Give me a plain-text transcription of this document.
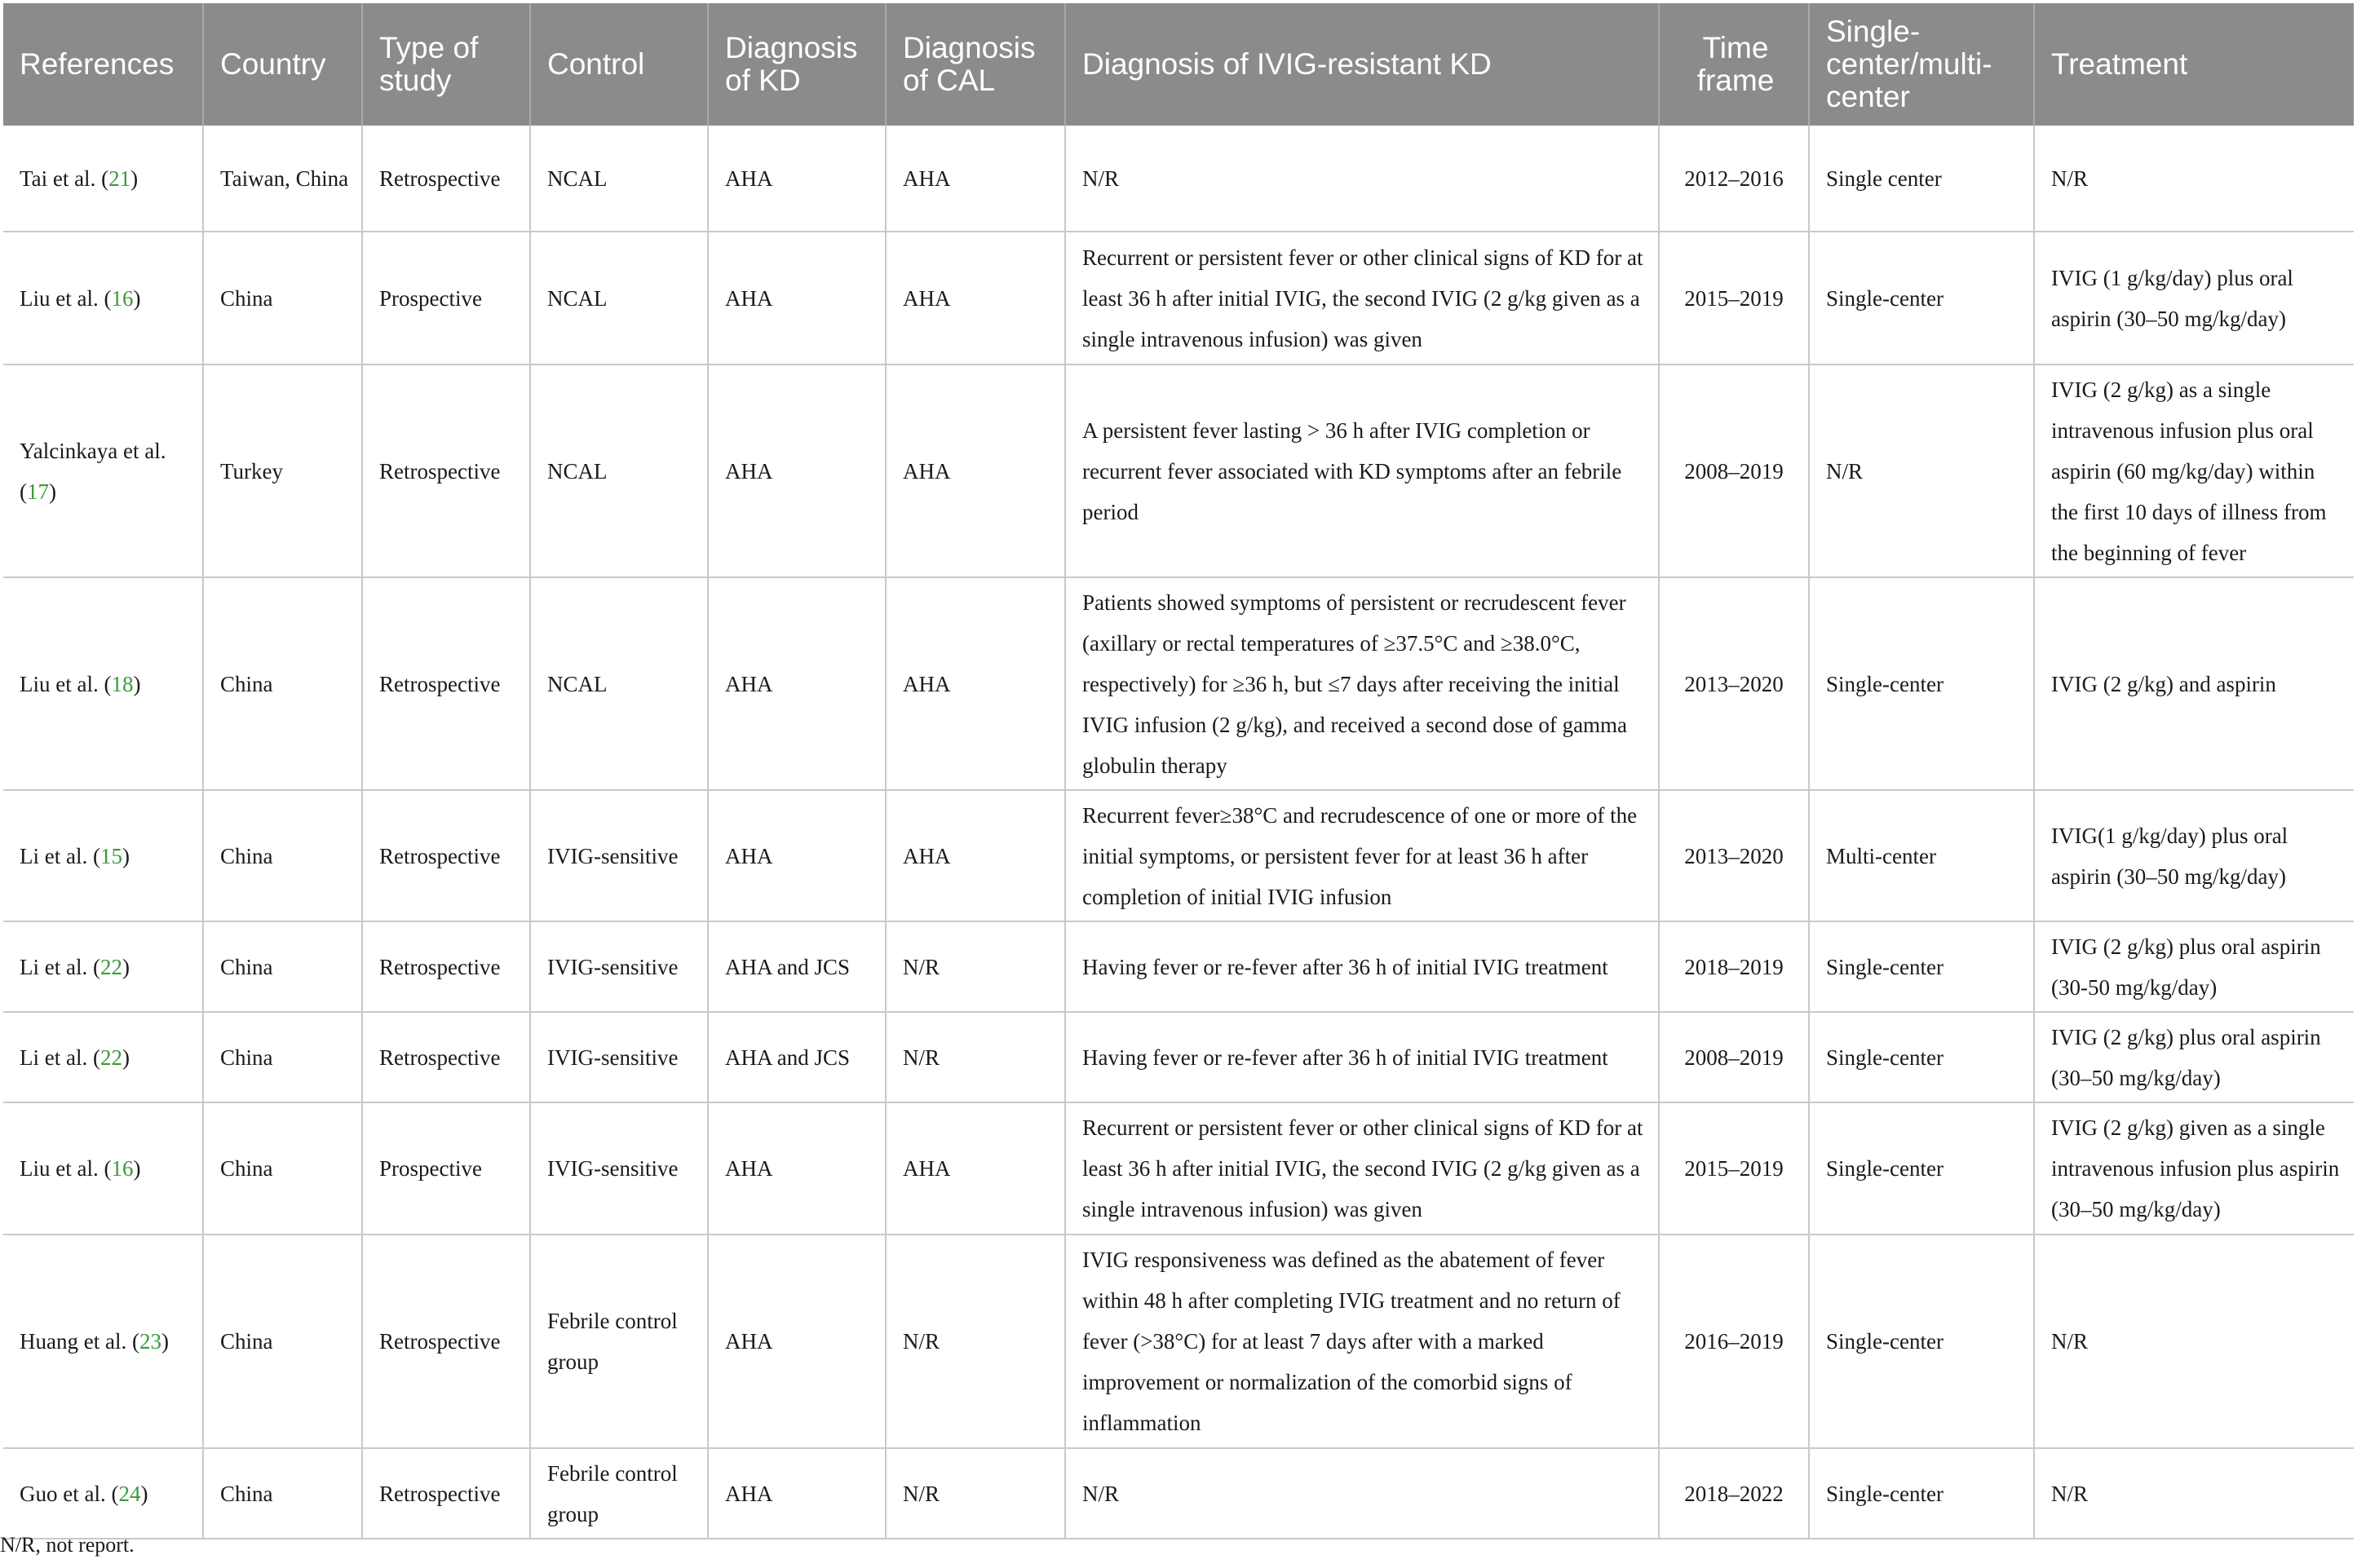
References	Country	Type of study	Control	Diagnosis of KD	Diagnosis of CAL	Diagnosis of IVIG-resistant KD	Time frame	Single-center/multi-center	Treatment
Tai et al. (21)	Taiwan, China	Retrospective	NCAL	AHA	AHA	N/R	2012–2016	Single center	N/R
Liu et al. (16)	China	Prospective	NCAL	AHA	AHA	Recurrent or persistent fever or other clinical signs of KD for at least 36 h after initial IVIG, the second IVIG (2 g/kg given as a single intravenous infusion) was given	2015–2019	Single-center	IVIG (1 g/kg/day) plus oral aspirin (30–50 mg/kg/day)
Yalcinkaya et al. (17)	Turkey	Retrospective	NCAL	AHA	AHA	A persistent fever lasting > 36 h after IVIG completion or recurrent fever associated with KD symptoms after an febrile period	2008–2019	N/R	IVIG (2 g/kg) as a single intravenous infusion plus oral aspirin (60 mg/kg/day) within the first 10 days of illness from the beginning of fever
Liu et al. (18)	China	Retrospective	NCAL	AHA	AHA	Patients showed symptoms of persistent or recrudescent fever (axillary or rectal temperatures of ≥37.5°C and ≥38.0°C, respectively) for ≥36 h, but ≤7 days after receiving the initial IVIG infusion (2 g/kg), and received a second dose of gamma globulin therapy	2013–2020	Single-center	IVIG (2 g/kg) and aspirin
Li et al. (15)	China	Retrospective	IVIG-sensitive	AHA	AHA	Recurrent fever≥38°C and recrudescence of one or more of the initial symptoms, or persistent fever for at least 36 h after completion of initial IVIG infusion	2013–2020	Multi-center	IVIG(1 g/kg/day) plus oral aspirin (30–50 mg/kg/day)
Li et al. (22)	China	Retrospective	IVIG-sensitive	AHA and JCS	N/R	Having fever or re-fever after 36 h of initial IVIG treatment	2018–2019	Single-center	IVIG (2 g/kg) plus oral aspirin (30-50 mg/kg/day)
Li et al. (22)	China	Retrospective	IVIG-sensitive	AHA and JCS	N/R	Having fever or re-fever after 36 h of initial IVIG treatment	2008–2019	Single-center	IVIG (2 g/kg) plus oral aspirin (30–50 mg/kg/day)
Liu et al. (16)	China	Prospective	IVIG-sensitive	AHA	AHA	Recurrent or persistent fever or other clinical signs of KD for at least 36 h after initial IVIG, the second IVIG (2 g/kg given as a single intravenous infusion) was given	2015–2019	Single-center	IVIG (2 g/kg) given as a single intravenous infusion plus aspirin (30–50 mg/kg/day)
Huang et al. (23)	China	Retrospective	Febrile control group	AHA	N/R	IVIG responsiveness was defined as the abatement of fever within 48 h after completing IVIG treatment and no return of fever (>38°C) for at least 7 days after with a marked improvement or normalization of the comorbid signs of inflammation	2016–2019	Single-center	N/R
Guo et al. (24)	China	Retrospective	Febrile control group	AHA	N/R	N/R	2018–2022	Single-center	N/R
N/R, not report.
